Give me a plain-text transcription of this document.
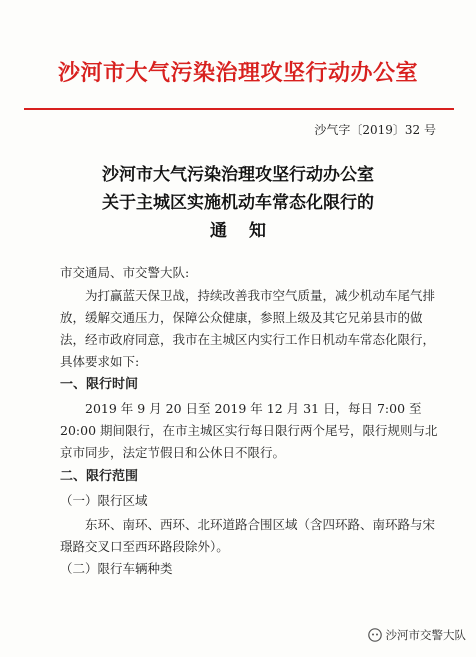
沙河市大气污染治理攻坚行动办公室
沙气字〔2019〕32 号
沙河市大气污染治理攻坚行动办公室
关于主城区实施机动车常态化限行的
通知
市交通局、市交警大队:
为打赢蓝天保卫战，持续改善我市空气质量，减少机动车尾气排放，缓解交通压力，保障公众健康，参照上级及其它兄弟县市的做法，经市政府同意，我市在主城区内实行工作日机动车常态化限行，具体要求如下:
一、限行时间
2019 年 9 月 20 日至 2019 年 12 月 31 日，每日 7:00 至 20:00 期间限行，在市主城区实行每日限行两个尾号，限行规则与北京市同步，法定节假日和公休日不限行。
二、限行范围
（一）限行区域
东环、南环、西环、北环道路合围区域（含四环路、南环路与宋璟路交叉口至西环路段除外）。
（二）限行车辆种类
沙河市交警大队
